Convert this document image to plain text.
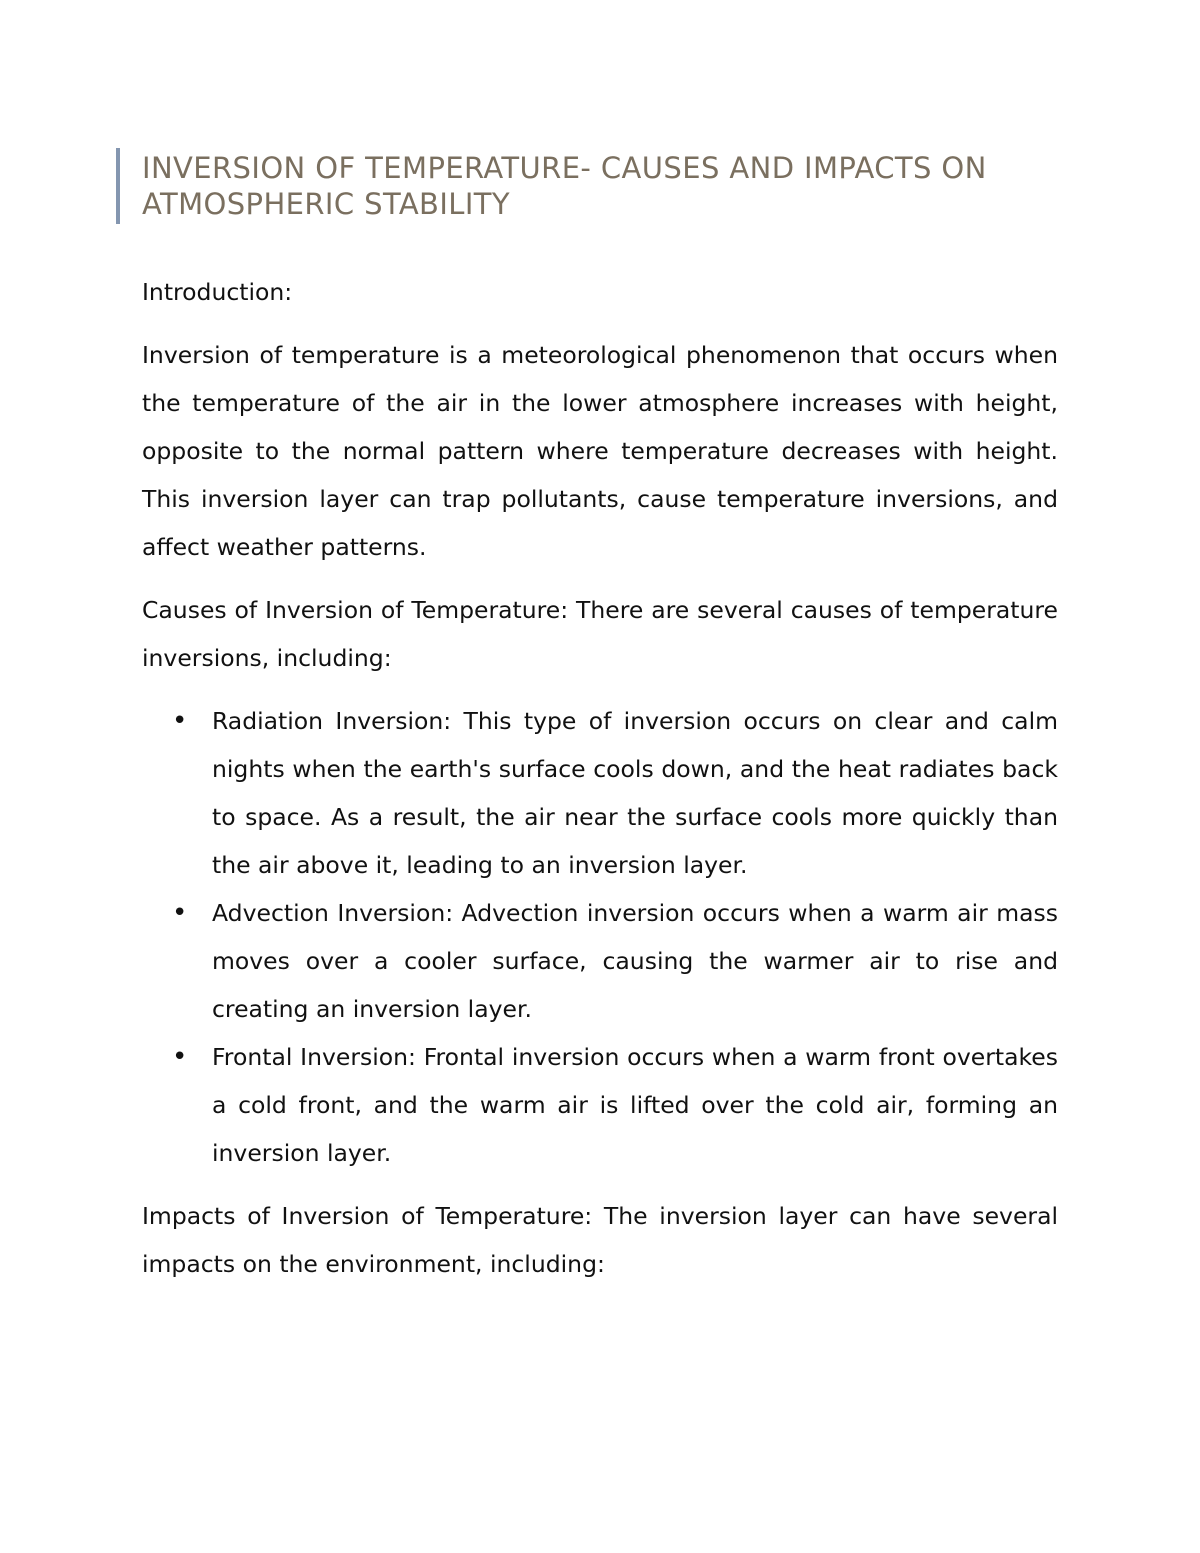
INVERSION OF TEMPERATURE- CAUSES AND IMPACTS ON ATMOSPHERIC STABILITY

Introduction:

Inversion of temperature is a meteorological phenomenon that occurs when the temperature of the air in the lower atmosphere increases with height, opposite to the normal pattern where temperature decreases with height. This inversion layer can trap pollutants, cause temperature inversions, and affect weather patterns.

Causes of Inversion of Temperature: There are several causes of temperature inversions, including:

• Radiation Inversion: This type of inversion occurs on clear and calm nights when the earth's surface cools down, and the heat radiates back to space. As a result, the air near the surface cools more quickly than the air above it, leading to an inversion layer.
• Advection Inversion: Advection inversion occurs when a warm air mass moves over a cooler surface, causing the warmer air to rise and creating an inversion layer.
• Frontal Inversion: Frontal inversion occurs when a warm front overtakes a cold front, and the warm air is lifted over the cold air, forming an inversion layer.

Impacts of Inversion of Temperature: The inversion layer can have several impacts on the environment, including:
